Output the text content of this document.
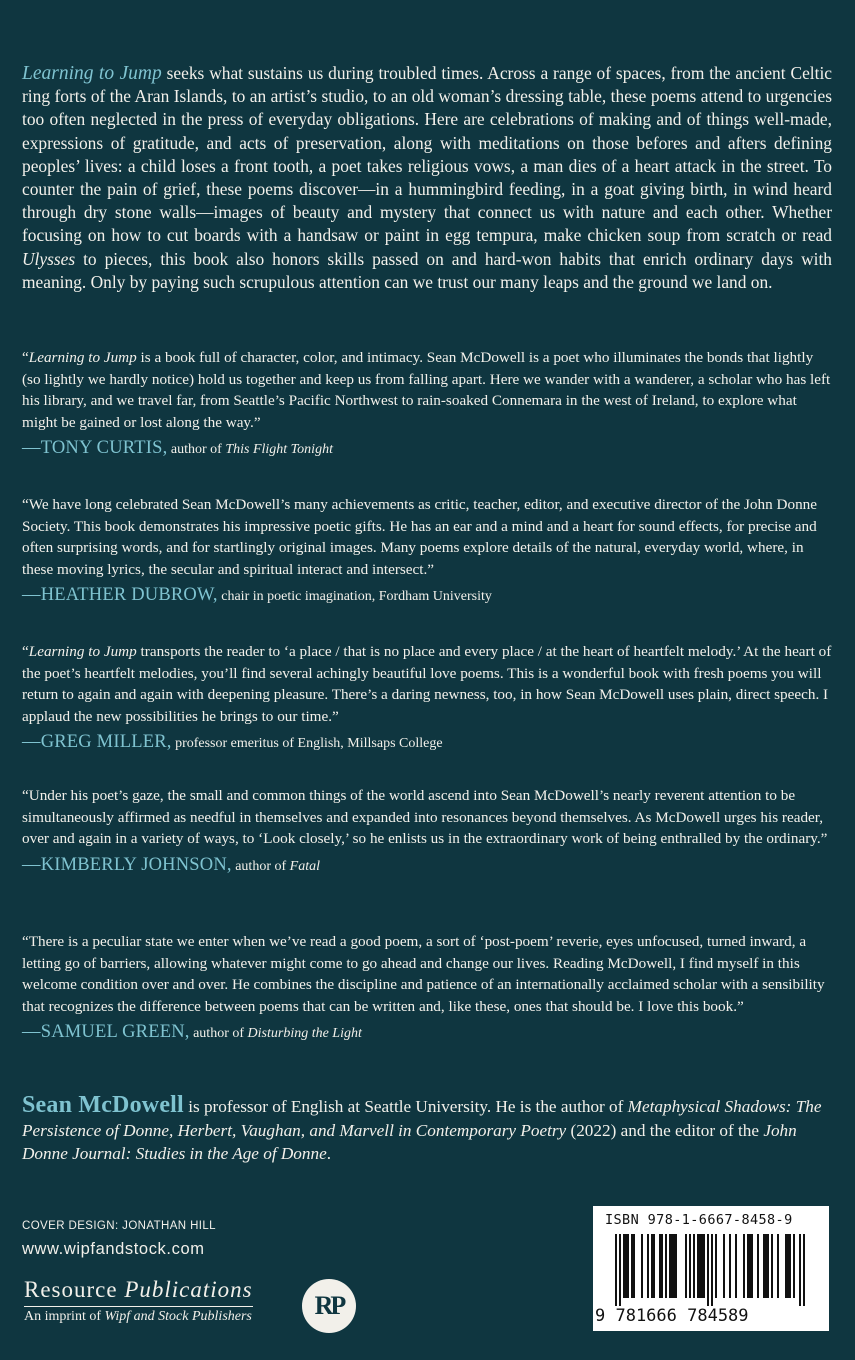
Learning to Jump seeks what sustains us during troubled times. Across a range of spaces, from the ancient Celtic ring forts of the Aran Islands, to an artist’s studio, to an old woman’s dressing table, these poems attend to urgencies too often neglected in the press of everyday obligations. Here are celebrations of making and of things well-made, expressions of gratitude, and acts of preservation, along with meditations on those befores and afters defining peoples’ lives: a child loses a front tooth, a poet takes religious vows, a man dies of a heart attack in the street. To counter the pain of grief, these poems discover—in a hummingbird feeding, in a goat giving birth, in wind heard through dry stone walls—images of beauty and mystery that connect us with nature and each other. Whether focusing on how to cut boards with a handsaw or paint in egg tempura, make chicken soup from scratch or read Ulysses to pieces, this book also honors skills passed on and hard-won habits that enrich ordinary days with meaning. Only by paying such scrupulous attention can we trust our many leaps and the ground we land on.

“Learning to Jump is a book full of character, color, and intimacy. Sean McDowell is a poet who illuminates the bonds that lightly (so lightly we hardly notice) hold us together and keep us from falling apart. Here we wander with a wanderer, a scholar who has left his library, and we travel far, from Seattle’s Pacific Northwest to rain-soaked Connemara in the west of Ireland, to explore what might be gained or lost along the way.”

—TONY CURTIS, author of This Flight Tonight

“We have long celebrated Sean McDowell’s many achievements as critic, teacher, editor, and executive director of the John Donne Society. This book demonstrates his impressive poetic gifts. He has an ear and a mind and a heart for sound effects, for precise and often surprising words, and for startlingly original images. Many poems explore details of the natural, everyday world, where, in these moving lyrics, the secular and spiritual interact and intersect.”

—HEATHER DUBROW, chair in poetic imagination, Fordham University

“Learning to Jump transports the reader to ‘a place / that is no place and every place / at the heart of heartfelt melody.’ At the heart of the poet’s heartfelt melodies, you’ll find several achingly beautiful love poems. This is a wonderful book with fresh poems you will return to again and again with deepening pleasure. There’s a daring newness, too, in how Sean McDowell uses plain, direct speech. I applaud the new possibilities he brings to our time.”

—GREG MILLER, professor emeritus of English, Millsaps College

“Under his poet’s gaze, the small and common things of the world ascend into Sean McDowell’s nearly reverent attention to be simultaneously affirmed as needful in themselves and expanded into resonances beyond themselves. As McDowell urges his reader, over and again in a variety of ways, to ‘Look closely,’ so he enlists us in the extraordinary work of being enthralled by the ordinary.”

—KIMBERLY JOHNSON, author of Fatal

“There is a peculiar state we enter when we’ve read a good poem, a sort of ‘post-poem’ reverie, eyes unfocused, turned inward, a letting go of barriers, allowing whatever might come to go ahead and change our lives. Reading McDowell, I find myself in this welcome condition over and over. He combines the discipline and patience of an internationally acclaimed scholar with a sensibility that recognizes the difference between poems that can be written and, like these, ones that should be. I love this book.”

—SAMUEL GREEN, author of Disturbing the Light
Sean McDowell is professor of English at Seattle University. He is the author of Metaphysical Shadows: The Persistence of Donne, Herbert, Vaughan, and Marvell in Contemporary Poetry (2022) and the editor of the John Donne Journal: Studies in the Age of Donne.
COVER DESIGN: JONATHAN HILL
www.wipfandstock.com
Resource Publications
An imprint of Wipf and Stock Publishers	RP
ISBN 978-1-6667-8458-9
9 781666 784589
